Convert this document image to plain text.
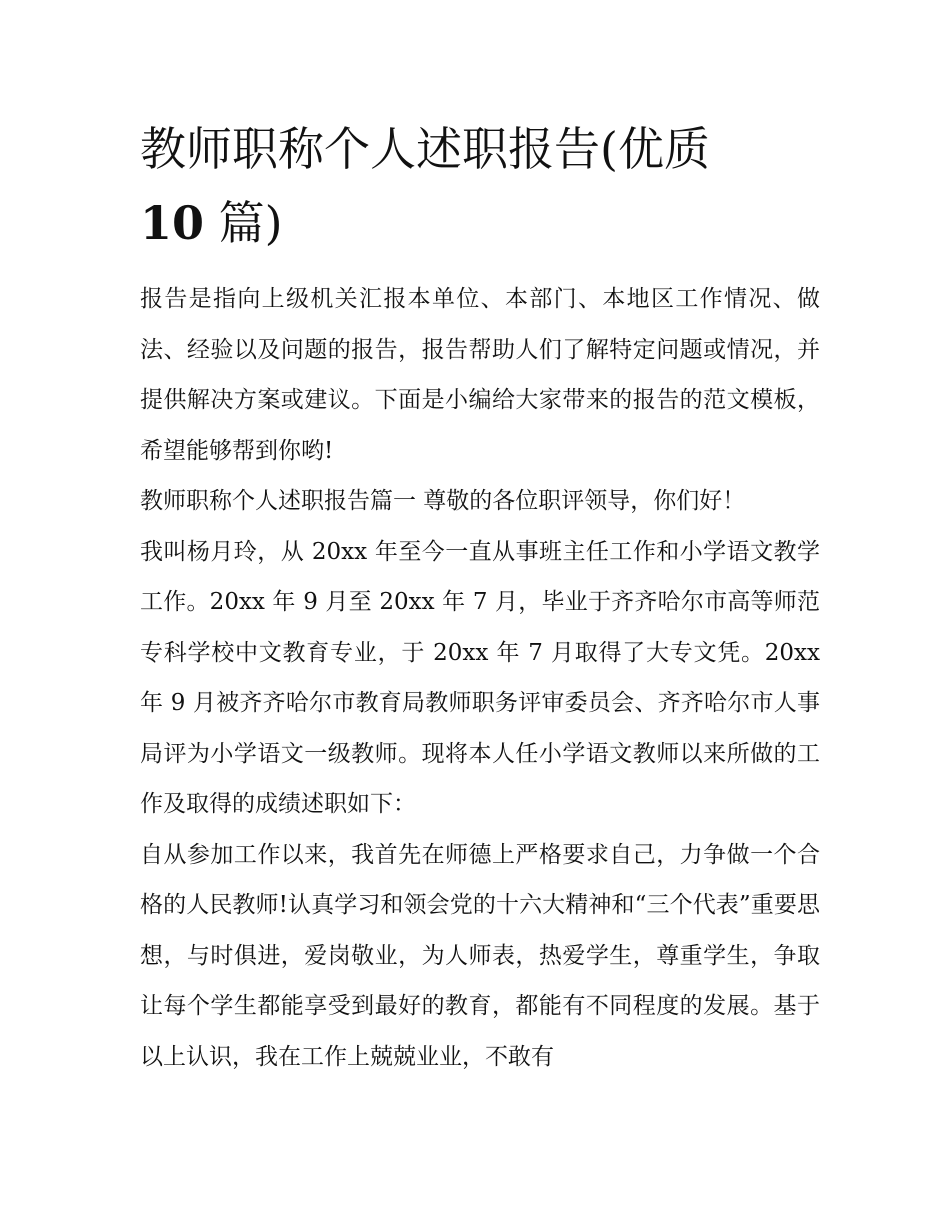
教师职称个人述职报告(优质
10 篇)

报告是指向上级机关汇报本单位、本部门、本地区工作情况、做法、经验以及问题的报告，报告帮助人们了解特定问题或情况，并提供解决方案或建议。下面是小编给大家带来的报告的范文模板，希望能够帮到你哟!

教师职称个人述职报告篇一 尊敬的各位职评领导，你们好！

我叫杨月玲，从 20xx 年至今一直从事班主任工作和小学语文教学工作。20xx 年 9 月至 20xx 年 7 月，毕业于齐齐哈尔市高等师范专科学校中文教育专业，于 20xx 年 7 月取得了大专文凭。20xx 年 9 月被齐齐哈尔市教育局教师职务评审委员会、齐齐哈尔市人事局评为小学语文一级教师。现将本人任小学语文教师以来所做的工作及取得的成绩述职如下：

自从参加工作以来，我首先在师德上严格要求自己，力争做一个合格的人民教师!认真学习和领会党的十六大精神和“三个代表”重要思想，与时俱进，爱岗敬业，为人师表，热爱学生，尊重学生，争取让每个学生都能享受到最好的教育，都能有不同程度的发展。基于以上认识，我在工作上兢兢业业，不敢有
